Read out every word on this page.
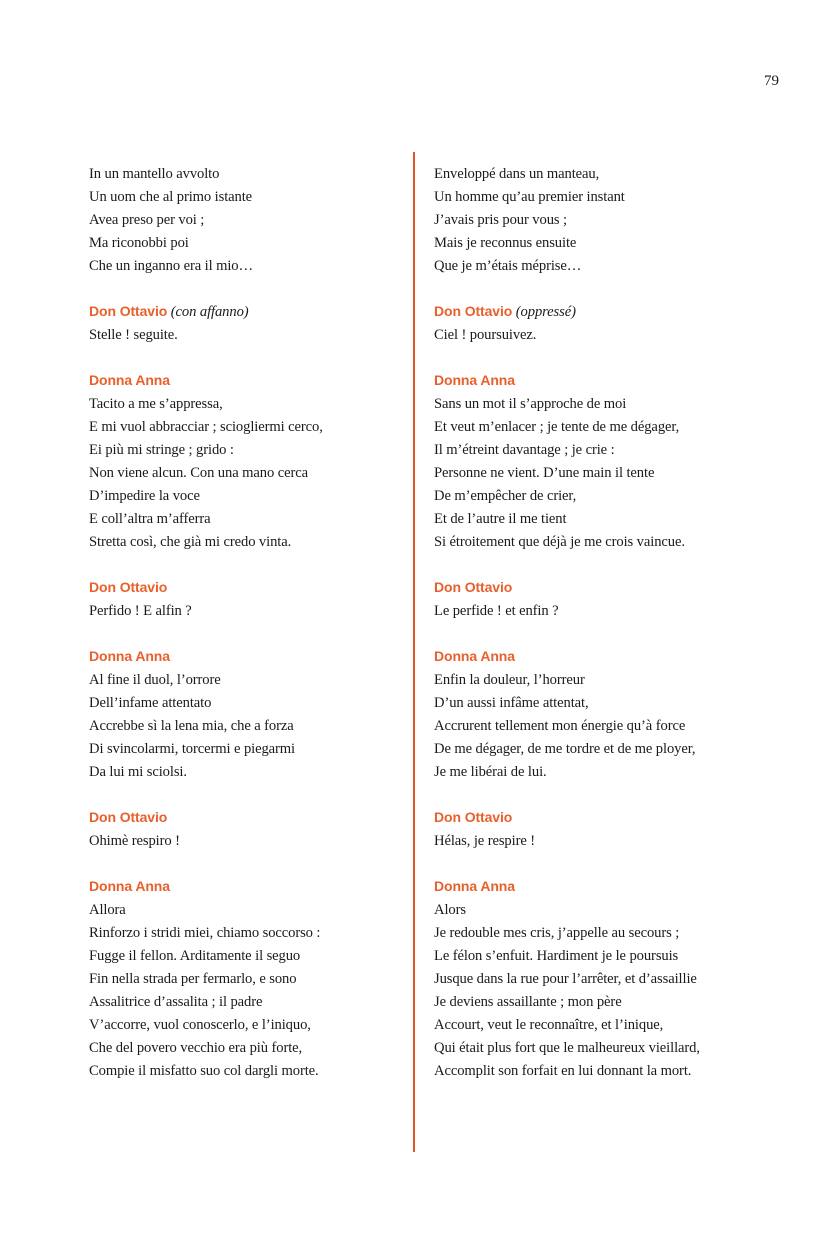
79
In un mantello avvolto
Un uom che al primo istante
Avea preso per voi ;
Ma riconobbi poi
Che un inganno era il mio…
Don Ottavio (con affanno)
Stelle ! seguite.
Donna Anna
Tacito a me s’appressa,
E mi vuol abbracciar ; sciogliermi cerco,
Ei più mi stringe ; grido :
Non viene alcun. Con una mano cerca
D’impedire la voce
E coll’altra m’afferra
Stretta così, che già mi credo vinta.
Don Ottavio
Perfido ! E alfin ?
Donna Anna
Al fine il duol, l’orrore
Dell’infame attentato
Accrebbe sì la lena mia, che a forza
Di svincolarmi, torcermi e piegarmi
Da lui mi sciolsi.
Don Ottavio
Ohimè respiro !
Donna Anna
Allora
Rinforzo i stridi miei, chiamo soccorso :
Fugge il fellon. Arditamente il seguo
Fin nella strada per fermarlo, e sono
Assalitrice d’assalita ; il padre
V’accorre, vuol conoscerlo, e l’iniquo,
Che del povero vecchio era più forte,
Compie il misfatto suo col dargli morte.
Enveloppé dans un manteau,
Un homme qu’au premier instant
J’avais pris pour vous ;
Mais je reconnus ensuite
Que je m’étais méprise…
Don Ottavio (oppressé)
Ciel ! poursuivez.
Donna Anna
Sans un mot il s’approche de moi
Et veut m’enlacer ; je tente de me dégager,
Il m’étreint davantage ; je crie :
Personne ne vient. D’une main il tente
De m’empêcher de crier,
Et de l’autre il me tient
Si étroitement que déjà je me crois vaincue.
Don Ottavio
Le perfide ! et enfin ?
Donna Anna
Enfin la douleur, l’horreur
D’un aussi infâme attentat,
Accrurent tellement mon énergie qu’à force
De me dégager, de me tordre et de me ployer,
Je me libérai de lui.
Don Ottavio
Hélas, je respire !
Donna Anna
Alors
Je redouble mes cris, j’appelle au secours ;
Le félon s’enfuit. Hardiment je le poursuis
Jusque dans la rue pour l’arrêter, et d’assaillie
Je deviens assaillante ; mon père
Accourt, veut le reconnaître, et l’inique,
Qui était plus fort que le malheureux vieillard,
Accomplit son forfait en lui donnant la mort.
